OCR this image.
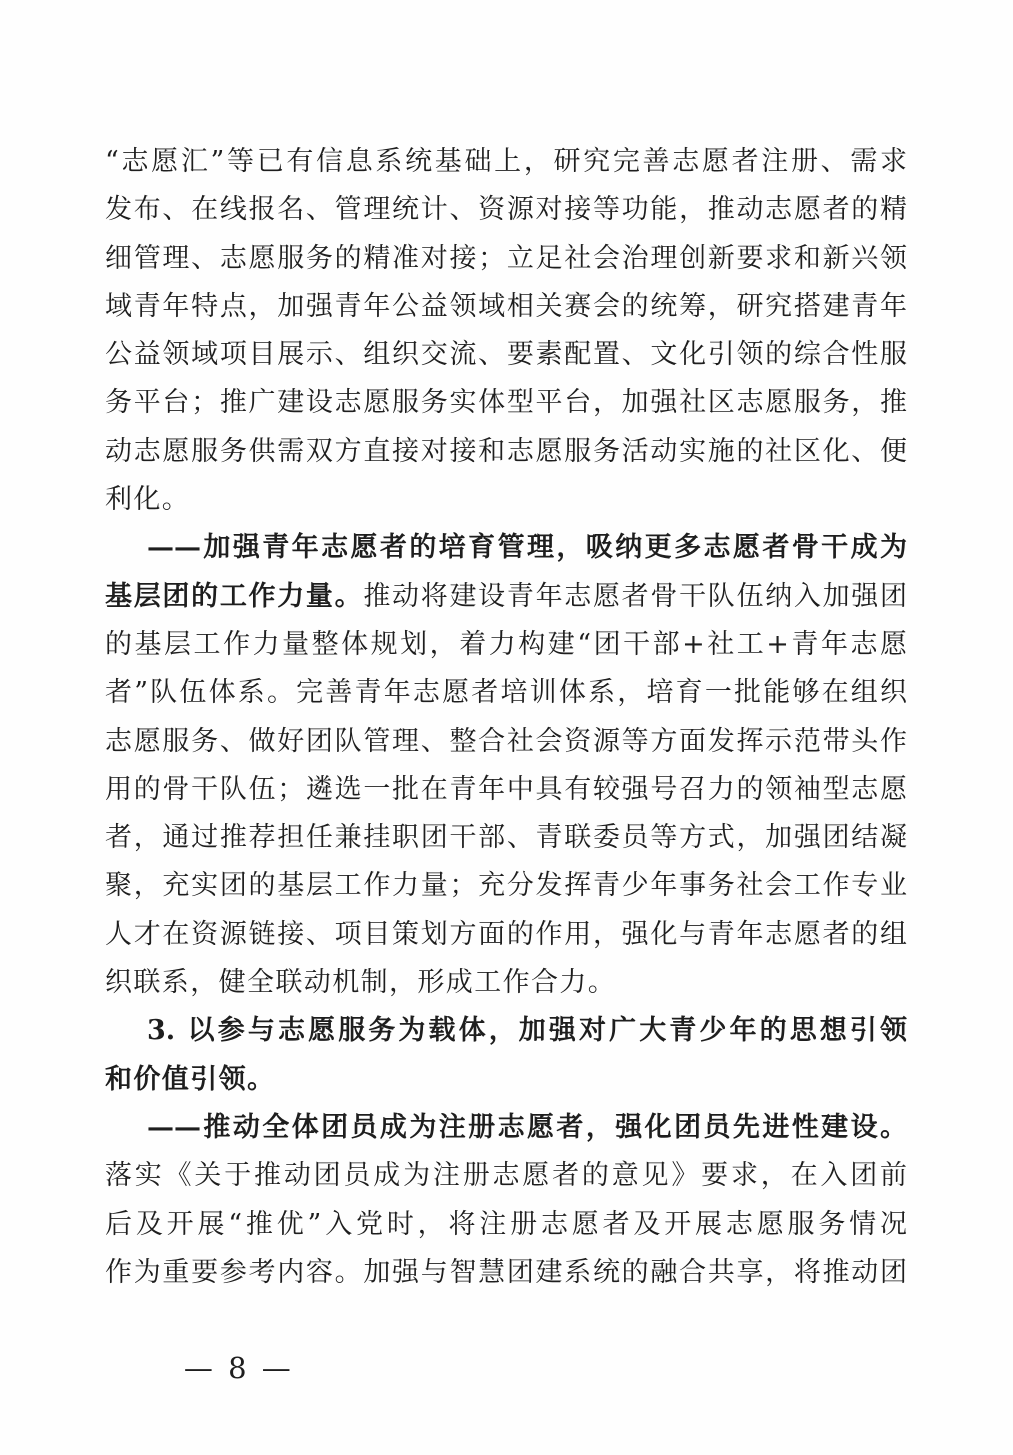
“志愿汇”等已有信息系统基础上，研究完善志愿者注册、需求
发布、在线报名、管理统计、资源对接等功能，推动志愿者的精
细管理、志愿服务的精准对接；立足社会治理创新要求和新兴领
域青年特点，加强青年公益领域相关赛会的统筹，研究搭建青年
公益领域项目展示、组织交流、要素配置、文化引领的综合性服
务平台；推广建设志愿服务实体型平台，加强社区志愿服务，推
动志愿服务供需双方直接对接和志愿服务活动实施的社区化、便
利化。
——加强青年志愿者的培育管理，吸纳更多志愿者骨干成为
基层团的工作力量。推动将建设青年志愿者骨干队伍纳入加强团
的基层工作力量整体规划，着力构建“团干部+社工+青年志愿
者”队伍体系。完善青年志愿者培训体系，培育一批能够在组织
志愿服务、做好团队管理、整合社会资源等方面发挥示范带头作
用的骨干队伍；遴选一批在青年中具有较强号召力的领袖型志愿
者，通过推荐担任兼挂职团干部、青联委员等方式，加强团结凝
聚，充实团的基层工作力量；充分发挥青少年事务社会工作专业
人才在资源链接、项目策划方面的作用，强化与青年志愿者的组
织联系，健全联动机制，形成工作合力。
3. 以参与志愿服务为载体，加强对广大青少年的思想引领
和价值引领。
——推动全体团员成为注册志愿者，强化团员先进性建设。
落实《关于推动团员成为注册志愿者的意见》要求，在入团前
后及开展“推优”入党时，将注册志愿者及开展志愿服务情况
作为重要参考内容。加强与智慧团建系统的融合共享，将推动团

— 8 —
